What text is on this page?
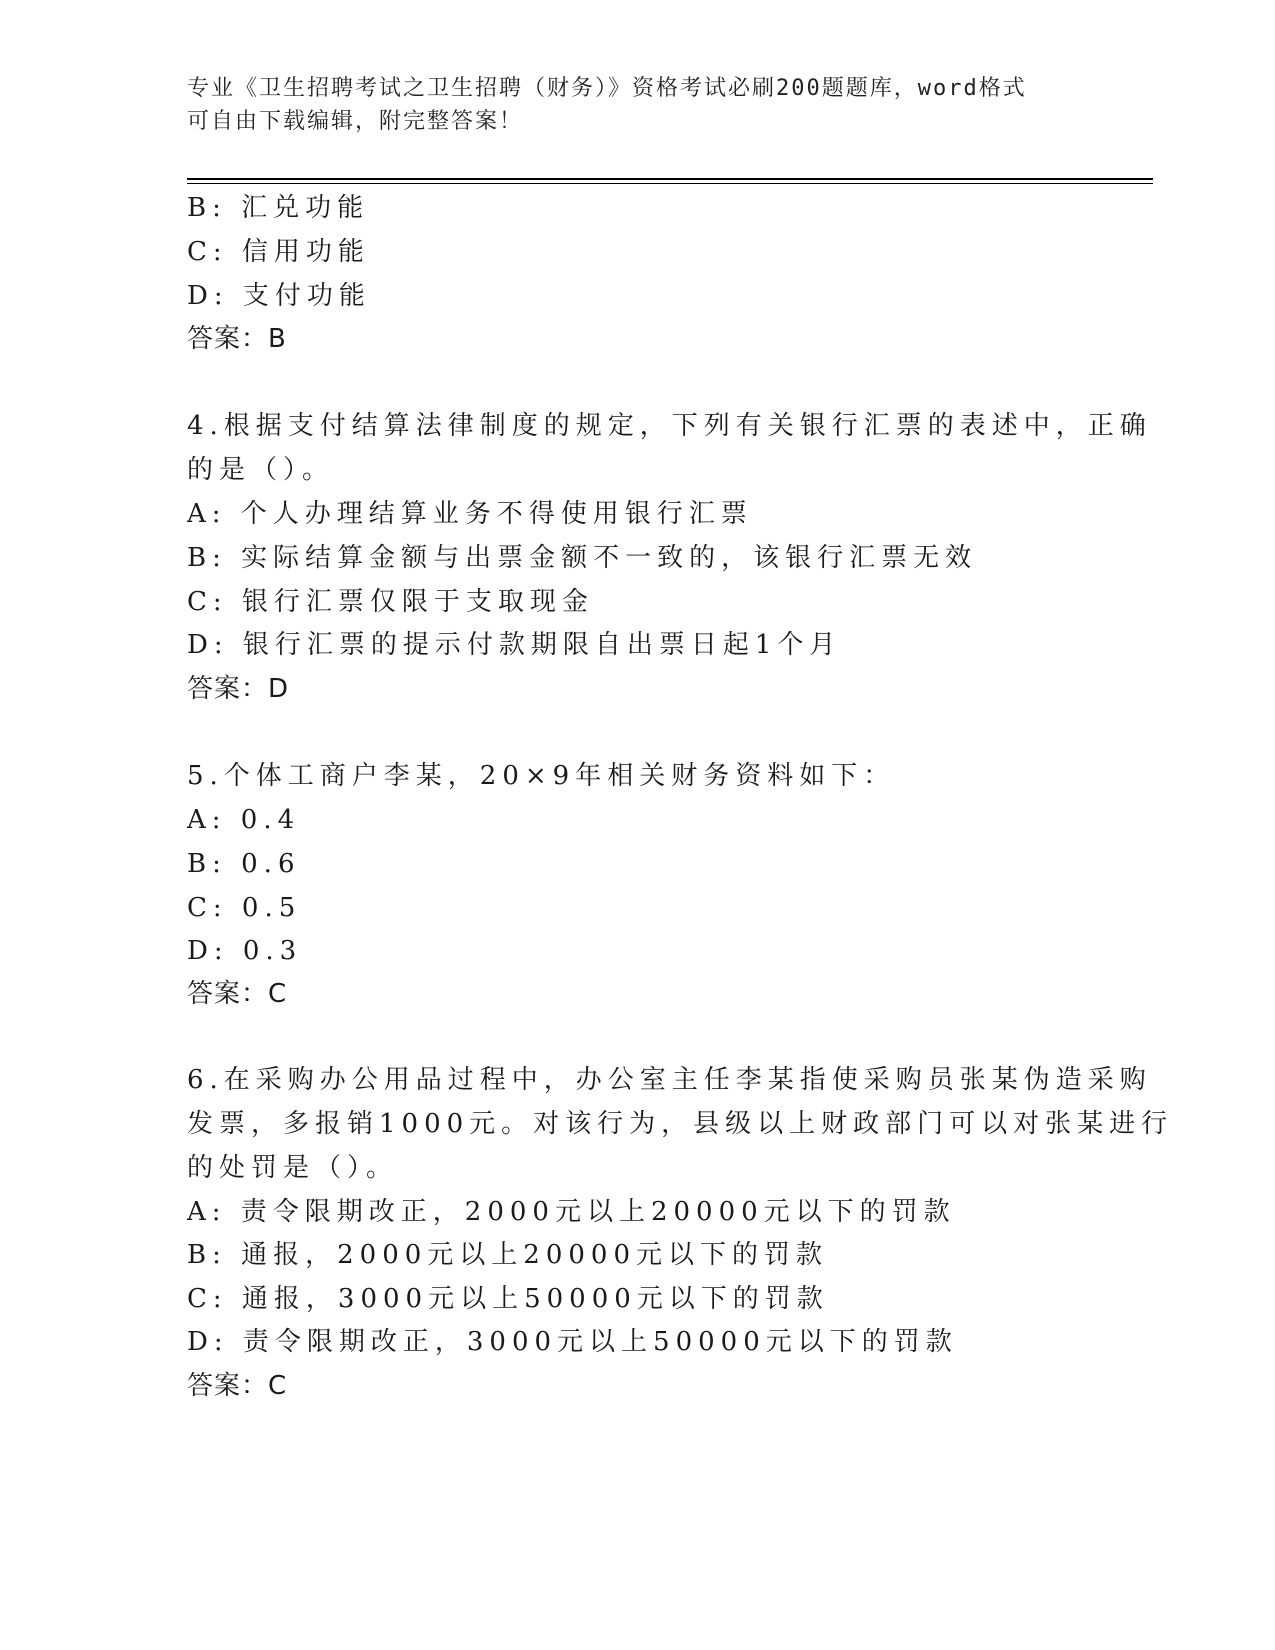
专业《卫生招聘考试之卫生招聘（财务）》资格考试必刷200题题库，word格式
可自由下载编辑，附完整答案！
B: 汇兑功能
C: 信用功能
D: 支付功能
答案：B
4.根据支付结算法律制度的规定，下列有关银行汇票的表述中，正确
的是（）。
A: 个人办理结算业务不得使用银行汇票
B: 实际结算金额与出票金额不一致的，该银行汇票无效
C: 银行汇票仅限于支取现金
D: 银行汇票的提示付款期限自出票日起1个月
答案：D
5.个体工商户李某，20×9年相关财务资料如下：
A: 0.4
B: 0.6
C: 0.5
D: 0.3
答案：C
6.在采购办公用品过程中，办公室主任李某指使采购员张某伪造采购
发票，多报销1000元。对该行为，县级以上财政部门可以对张某进行
的处罚是（）。
A: 责令限期改正，2000元以上20000元以下的罚款
B: 通报，2000元以上20000元以下的罚款
C: 通报，3000元以上50000元以下的罚款
D: 责令限期改正，3000元以上50000元以下的罚款
答案：C
